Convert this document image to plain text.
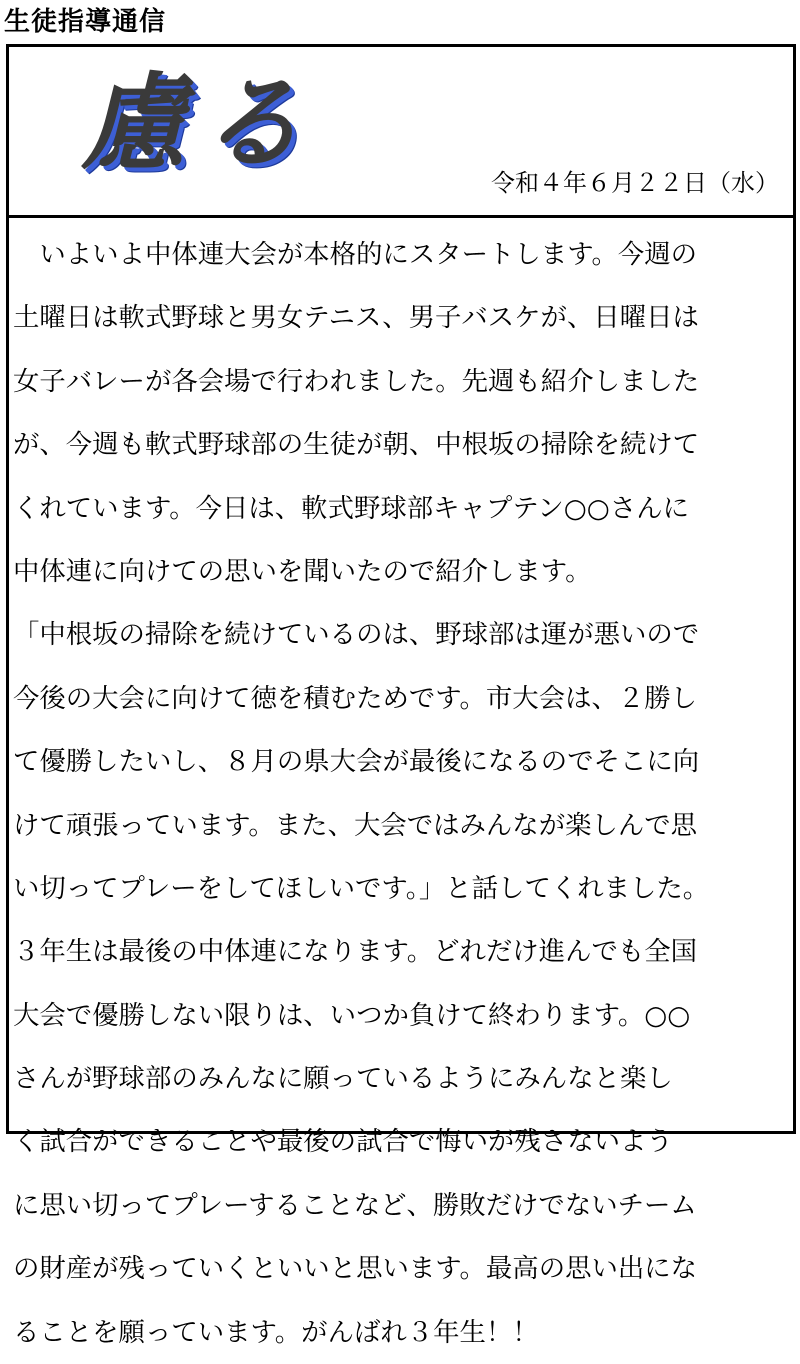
生徒指導通信
慮る	令和４年６月２２日（水）
　いよいよ中体連大会が本格的にスタートします。今週の
土曜日は軟式野球と男女テニス、男子バスケが、日曜日は
女子バレーが各会場で行われました。先週も紹介しました
が、今週も軟式野球部の生徒が朝、中根坂の掃除を続けて
くれています。今日は、軟式野球部キャプテン○○さんに
中体連に向けての思いを聞いたので紹介します。
「中根坂の掃除を続けているのは、野球部は運が悪いので
今後の大会に向けて徳を積むためです。市大会は、２勝し
て優勝したいし、８月の県大会が最後になるのでそこに向
けて頑張っています。また、大会ではみんなが楽しんで思
い切ってプレーをしてほしいです。」と話してくれました。
３年生は最後の中体連になります。どれだけ進んでも全国
大会で優勝しない限りは、いつか負けて終わります。○○
さんが野球部のみんなに願っているようにみんなと楽し
く試合ができることや最後の試合で悔いが残さないよう
に思い切ってプレーすることなど、勝敗だけでないチーム
の財産が残っていくといいと思います。最高の思い出にな
ることを願っています。がんばれ３年生！！
